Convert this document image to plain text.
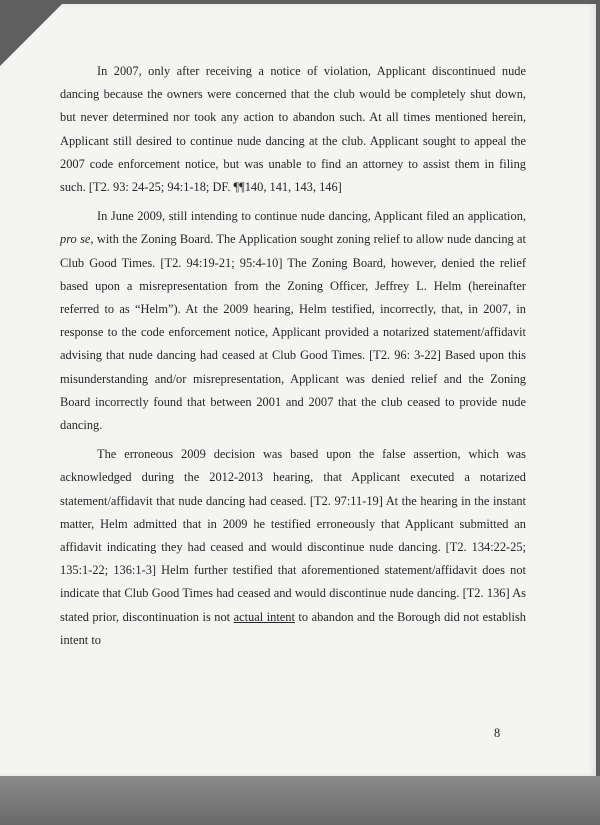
In 2007, only after receiving a notice of violation, Applicant discontinued nude dancing because the owners were concerned that the club would be completely shut down, but never determined nor took any action to abandon such. At all times mentioned herein, Applicant still desired to continue nude dancing at the club. Applicant sought to appeal the 2007 code enforcement notice, but was unable to find an attorney to assist them in filing such. [T2. 93: 24-25; 94:1-18; DF. ¶¶140, 141, 143, 146]

In June 2009, still intending to continue nude dancing, Applicant filed an application, pro se, with the Zoning Board. The Application sought zoning relief to allow nude dancing at Club Good Times. [T2. 94:19-21; 95:4-10] The Zoning Board, however, denied the relief based upon a misrepresentation from the Zoning Officer, Jeffrey L. Helm (hereinafter referred to as “Helm”). At the 2009 hearing, Helm testified, incorrectly, that, in 2007, in response to the code enforcement notice, Applicant provided a notarized statement/affidavit advising that nude dancing had ceased at Club Good Times. [T2. 96: 3-22] Based upon this misunderstanding and/or misrepresentation, Applicant was denied relief and the Zoning Board incorrectly found that between 2001 and 2007 that the club ceased to provide nude dancing.

The erroneous 2009 decision was based upon the false assertion, which was acknowledged during the 2012-2013 hearing, that Applicant executed a notarized statement/affidavit that nude dancing had ceased. [T2. 97:11-19] At the hearing in the instant matter, Helm admitted that in 2009 he testified erroneously that Applicant submitted an affidavit indicating they had ceased and would discontinue nude dancing. [T2. 134:22-25; 135:1-22; 136:1-3] Helm further testified that aforementioned statement/affidavit does not indicate that Club Good Times had ceased and would discontinue nude dancing. [T2. 136] As stated prior, discontinuation is not actual intent to abandon and the Borough did not establish intent to

8
